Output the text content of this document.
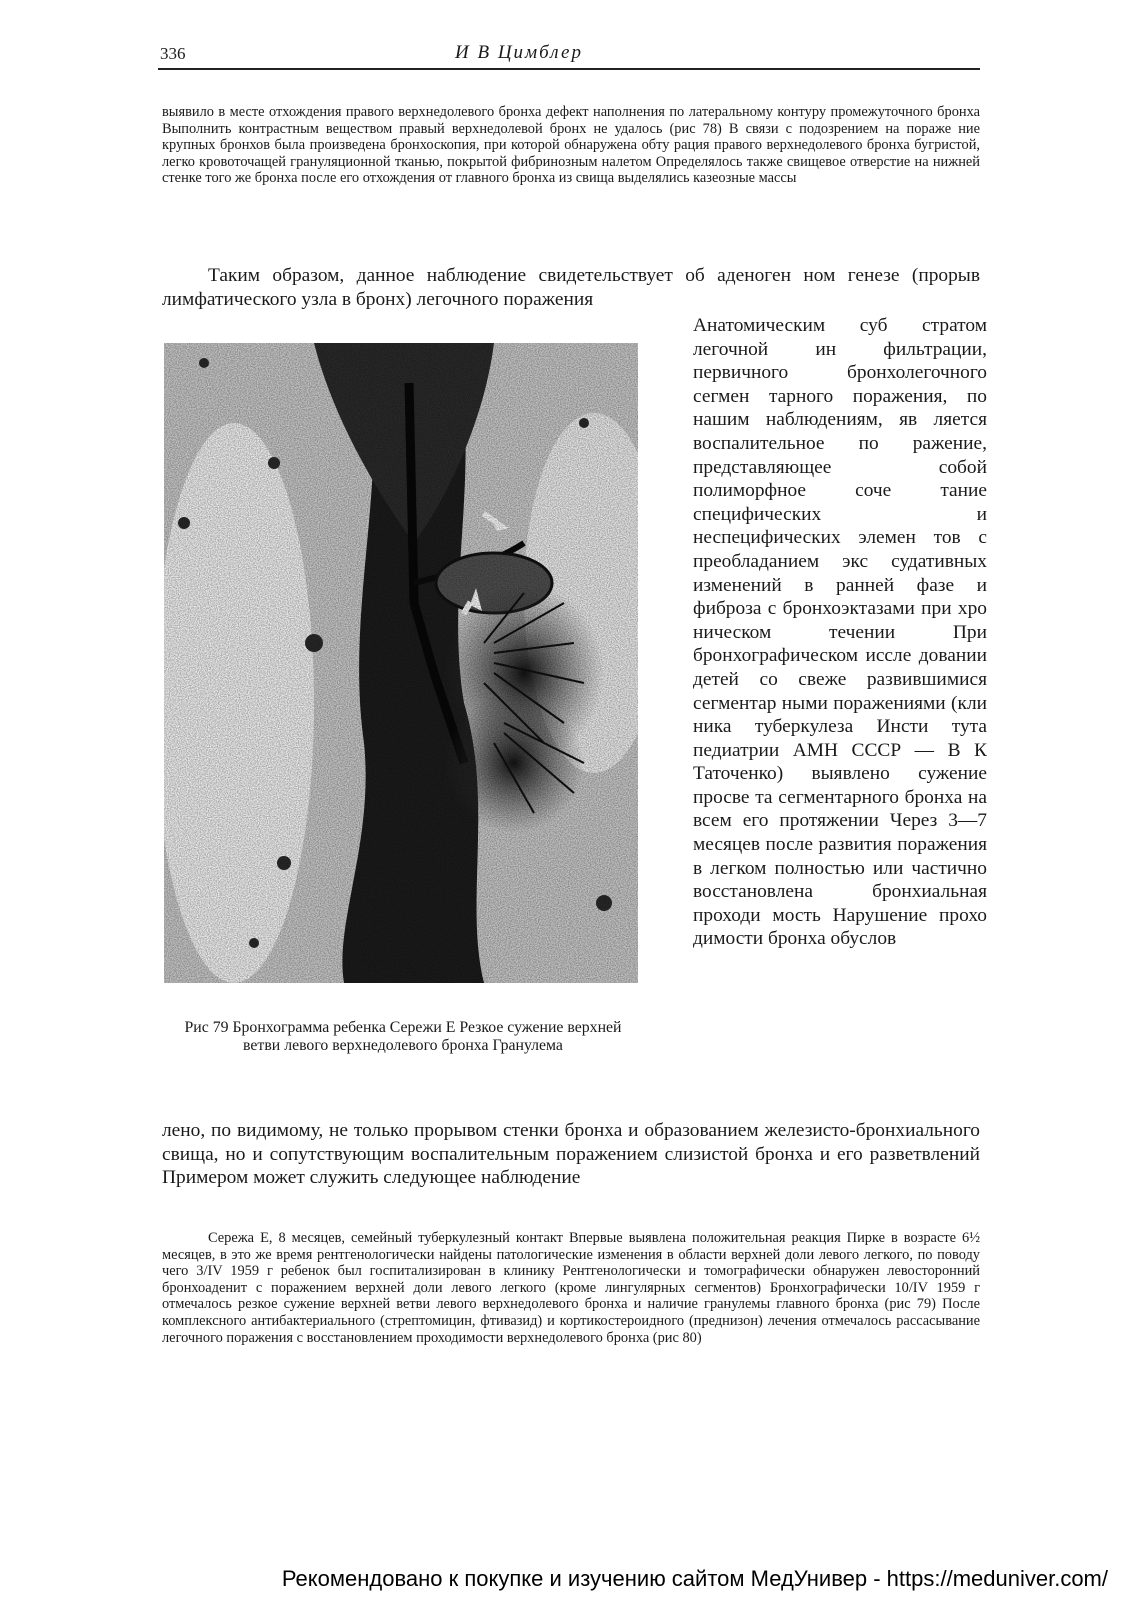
336	И В Цимблер

выявило в месте отхождения правого верхнедолевого бронха дефект наполнения по латеральному контуру промежуточного бронха Выполнить контрастным веществом правый верхнедолевой бронх не удалось (рис 78) В связи с подозрением на пораже ние крупных бронхов была произведена бронхоскопия, при которой обнаружена обту рация правого верхнедолевого бронха бугристой, легко кровоточащей грануляционной тканью, покрытой фибринозным налетом Определялось также свищевое отверстие на нижней стенке того же бронха после его отхождения от главного бронха из свища выделялись казеозные массы

Таким образом, данное наблюдение свидетельствует об аденоген ном генезе (прорыв лимфатического узла в бронх) легочного поражения

Рис 79 Бронхограмма ребенка Сережи Е Резкое сужение верхней ветви левого верхнедолевого бронха Гранулема

Анатомическим суб стратом легочной ин фильтрации, первичного бронхолегочного сегмен тарного поражения, по нашим наблюдениям, яв ляется воспалительное по ражение, представляющее собой полиморфное соче тание специфических и неспецифических элемен тов с преобладанием экс судативных изменений в ранней фазе и фиброза с бронхоэктазами при хро ническом течении При бронхографическом иссле довании детей со свеже развившимися сегментар ными поражениями (кли ника туберкулеза Инсти тута педиатрии АМН СССР — В К Таточенко) выявлено сужение просве та сегментарного бронха на всем его протяжении Через 3—7 месяцев после развития поражения в легком полностью или частично восстановлена бронхиальная проходи мость Нарушение прохо димости бронха обуслов

лено, по видимому, не только прорывом стенки бронха и образованием железисто-бронхиального свища, но и сопутствующим воспалительным поражением слизистой бронха и его разветвлений Примером может служить следующее наблюдение

Сережа Е, 8 месяцев, семейный туберкулезный контакт Впервые выявлена положительная реакция Пирке в возрасте 6½ месяцев, в это же время рентгенологически найдены патологические изменения в области верхней доли левого легкого, по поводу чего 3/IV 1959 г ребенок был госпитализирован в клинику Рентгенологически и томографически обнаружен левосторонний бронхоаденит с поражением верхней доли левого легкого (кроме лингулярных сегментов) Бронхографически 10/IV 1959 г отмечалось резкое сужение верхней ветви левого верхнедолевого бронха и наличие гранулемы главного бронха (рис 79) После комплексного антибактериального (стрептомицин, фтивазид) и кортикостероидного (преднизон) лечения отмечалось рассасывание легочного поражения с восстановлением проходимости верхнедолевого бронха (рис 80)

Рекомендовано к покупке и изучению сайтом МедУнивер - https://meduniver.com/
